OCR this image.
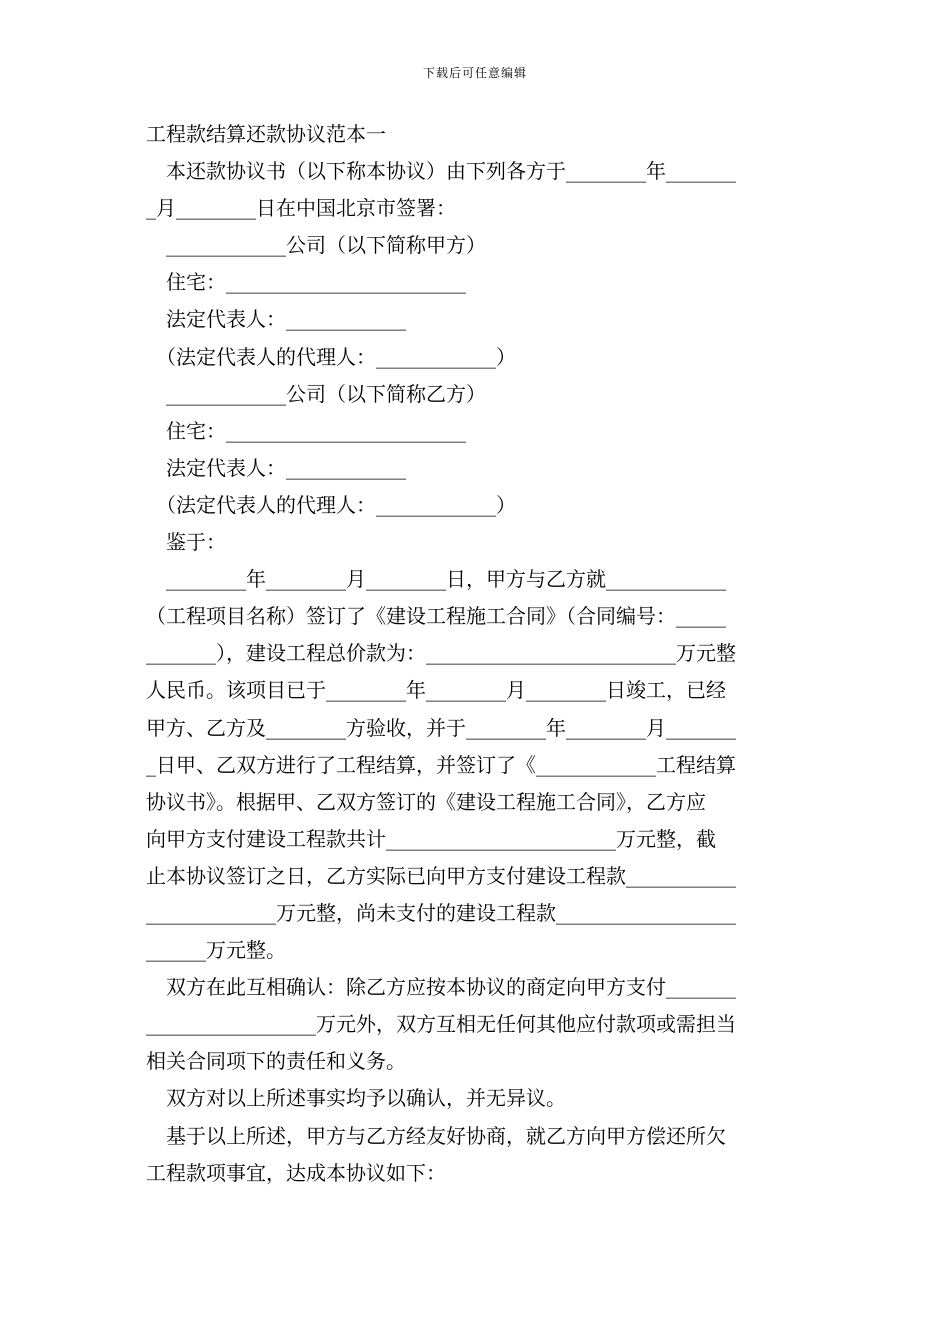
下载后可任意编辑

工程款结算还款协议范本一

本还款协议书（以下称本协议）由下列各方于________年_______

_月________日在中国北京市签署：

____________公司（以下简称甲方）

住宅：________________________

法定代表人：____________

（法定代表人的代理人：____________）

____________公司（以下简称乙方）

住宅：________________________

法定代表人：____________

（法定代表人的代理人：____________）

鉴于：

________年________月________日，甲方与乙方就____________

（工程项目名称）签订了《建设工程施工合同》（合同编号：_____

_______），建设工程总价款为：_________________________万元整

人民币。该项目已于________年________月________日竣工，已经

甲方、乙方及________方验收，并于________年________月_______

_日甲、乙双方进行了工程结算，并签订了《____________工程结算

协议书》。根据甲、乙双方签订的《建设工程施工合同》，乙方应

向甲方支付建设工程款共计_______________________万元整，截

止本协议签订之日，乙方实际已向甲方支付建设工程款___________

_____________万元整，尚未支付的建设工程款__________________

______万元整。

双方在此互相确认：除乙方应按本协议的商定向甲方支付_______

_________________万元外，双方互相无任何其他应付款项或需担当

相关合同项下的责任和义务。

双方对以上所述事实均予以确认，并无异议。

基于以上所述，甲方与乙方经友好协商，就乙方向甲方偿还所欠

工程款项事宜，达成本协议如下：
